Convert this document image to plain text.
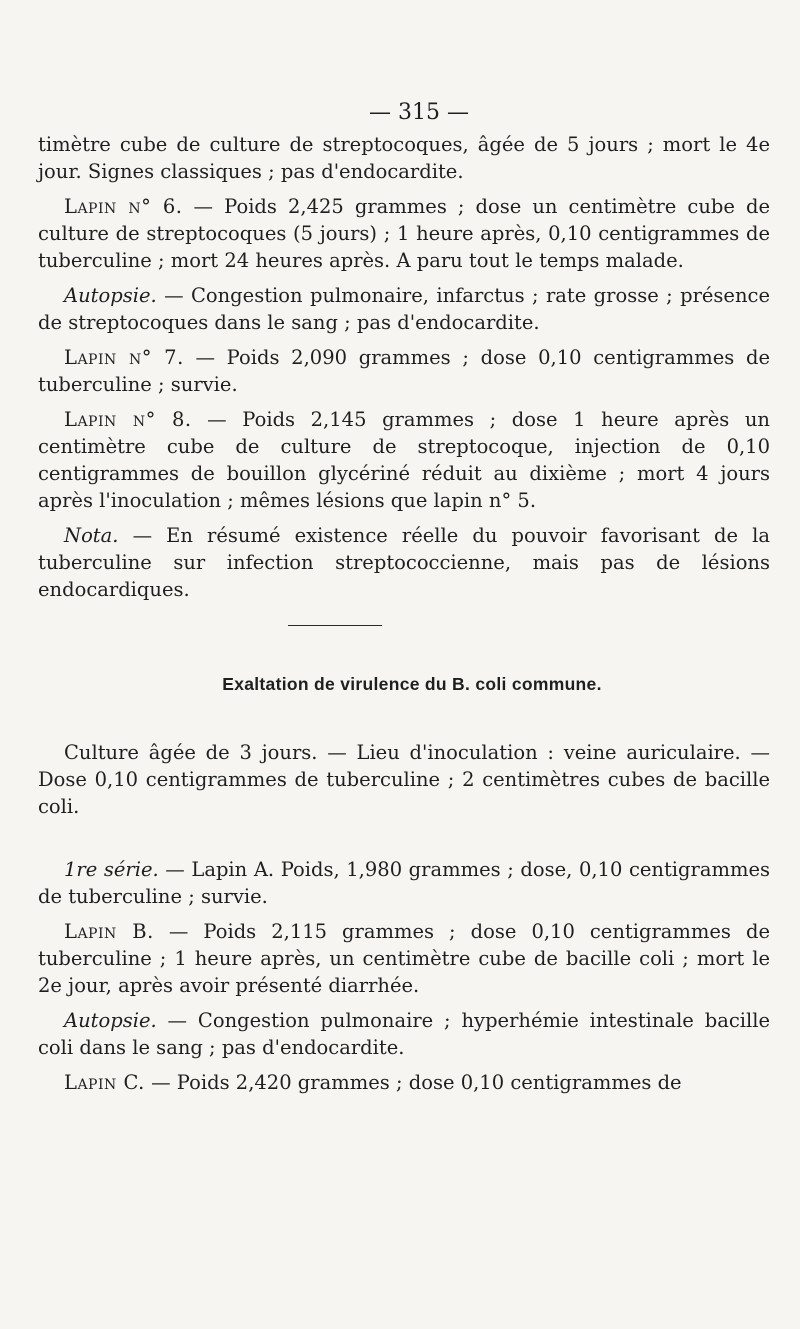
— 315 —

timètre cube de culture de streptocoques, âgée de 5 jours ; mort le 4e jour. Signes classiques ; pas d'endocardite.

Lapin n° 6. — Poids 2,425 grammes ; dose un centimètre cube de culture de streptocoques (5 jours) ; 1 heure après, 0,10 centigrammes de tuberculine ; mort 24 heures après. A paru tout le temps malade.

Autopsie. — Congestion pulmonaire, infarctus ; rate grosse ; présence de streptocoques dans le sang ; pas d'endocardite.

Lapin n° 7. — Poids 2,090 grammes ; dose 0,10 centigrammes de tuberculine ; survie.

Lapin n° 8. — Poids 2,145 grammes ; dose 1 heure après un centimètre cube de culture de streptocoque, injection de 0,10 centigrammes de bouillon glycériné réduit au dixième ; mort 4 jours après l'inoculation ; mêmes lésions que lapin n° 5.

Nota. — En résumé existence réelle du pouvoir favorisant de la tuberculine sur infection streptococcienne, mais pas de lésions endocardiques.

Exaltation de virulence du B. coli commune.

Culture âgée de 3 jours. — Lieu d'inoculation : veine auriculaire. — Dose 0,10 centigrammes de tuberculine ; 2 centimètres cubes de bacille coli.

1re série. — Lapin A. Poids, 1,980 grammes ; dose, 0,10 centigrammes de tuberculine ; survie.

Lapin B. — Poids 2,115 grammes ; dose 0,10 centigrammes de tuberculine ; 1 heure après, un centimètre cube de bacille coli ; mort le 2e jour, après avoir présenté diarrhée.

Autopsie. — Congestion pulmonaire ; hyperhémie intestinale bacille coli dans le sang ; pas d'endocardite.

Lapin C. — Poids 2,420 grammes ; dose 0,10 centigrammes de
